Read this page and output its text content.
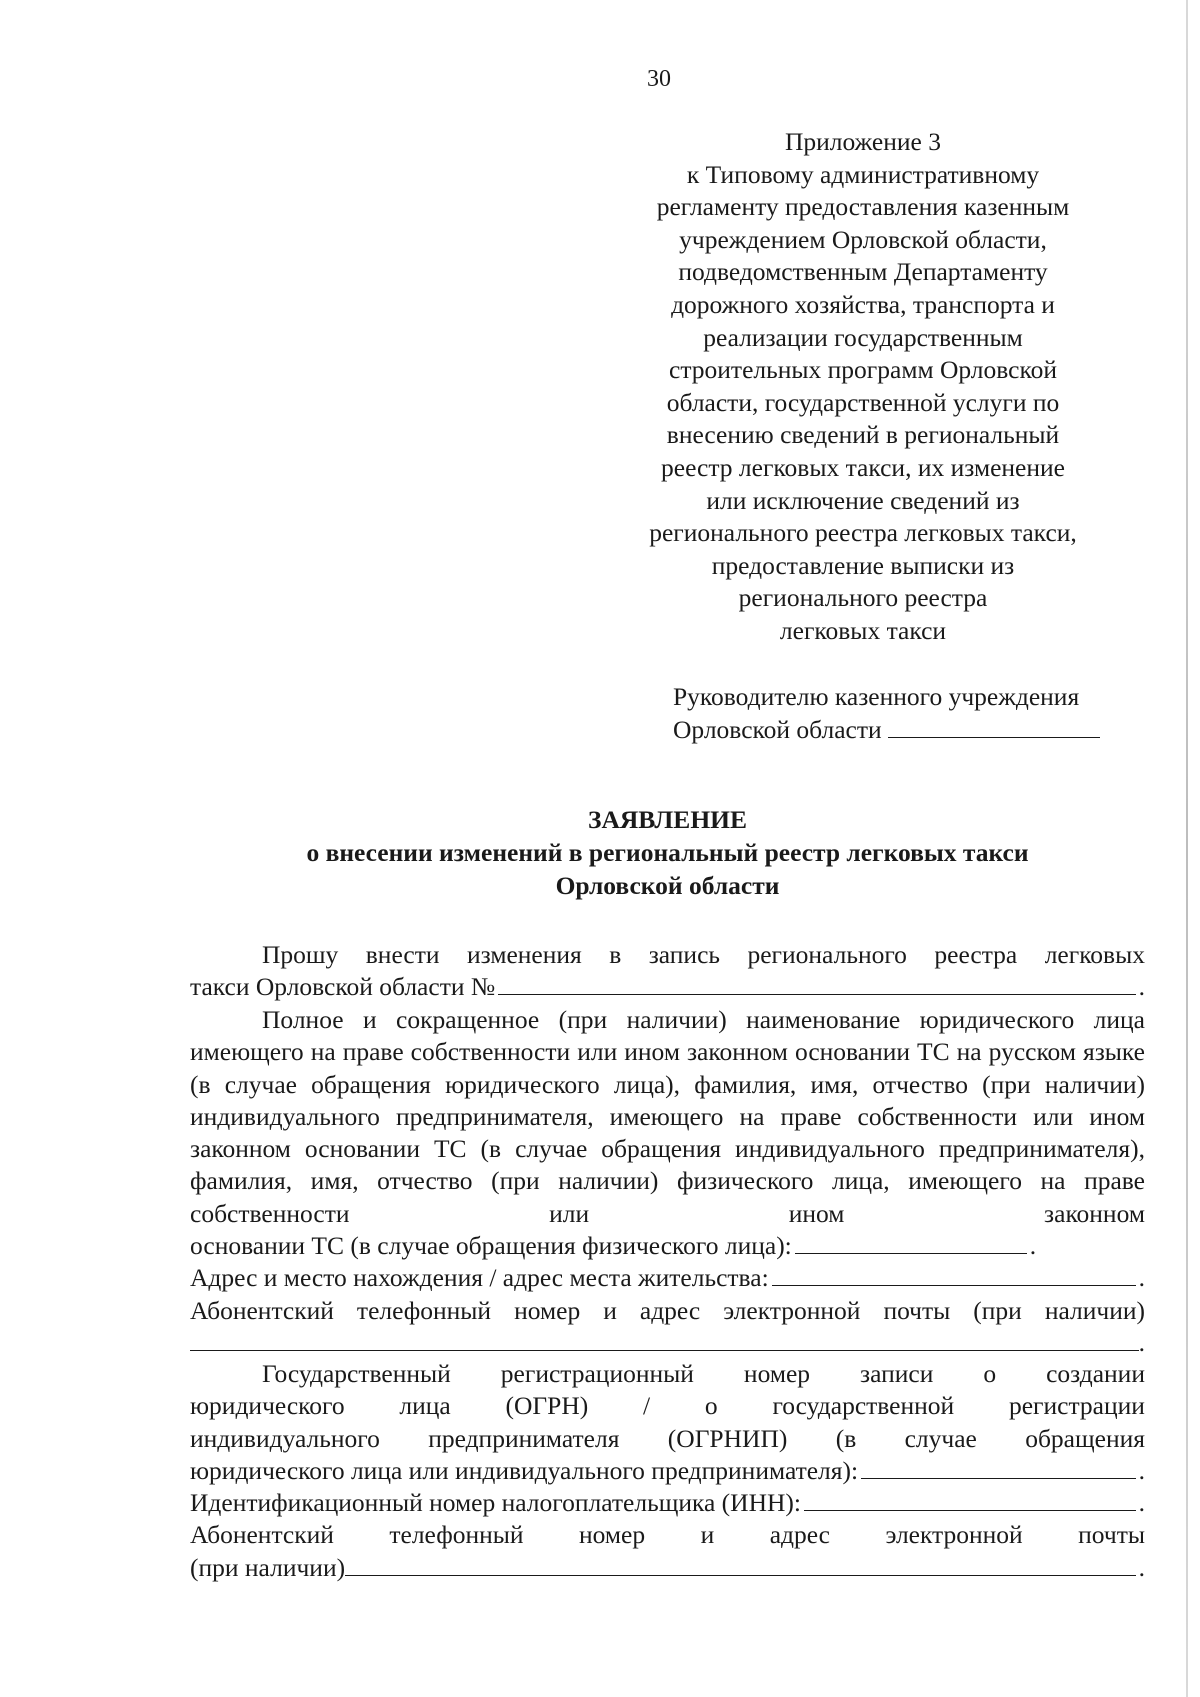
30
Приложение 3
к Типовому административному
регламенту предоставления казенным
учреждением Орловской области,
подведомственным Департаменту
дорожного хозяйства, транспорта и
реализации государственным
строительных программ Орловской
области, государственной услуги по
внесению сведений в региональный
реестр легковых такси, их изменение
или исключение сведений из
регионального реестра легковых такси,
предоставление выписки из
регионального реестра
легковых такси
Руководителю казенного учреждения
Орловской области
ЗАЯВЛЕНИЕ
о внесении изменений в региональный реестр легковых такси
Орловской области
Прошу внести изменения в запись регионального реестра легковых
такси Орловской области №	.

Полное и сокращенное (при наличии) наименование юридического лица имеющего на праве собственности или ином законном основании ТС на русском языке (в случае обращения юридического лица), фамилия, имя, отчество (при наличии) индивидуального предпринимателя, имеющего на праве собственности или ином законном основании ТС (в случае обращения индивидуального предпринимателя), фамилия, имя, отчество (при наличии) физического лица, имеющего на праве собственности или ином законном

основании ТС (в случае обращения физического лица):	.
Адрес и место нахождения / адрес места жительства:	.
Абонентский телефонный номер и адрес электронной почты (при наличии)
.
Государственный регистрационный номер записи о создании
юридического лица (ОГРН) / о государственной регистрации
индивидуального предпринимателя (ОГРНИП) (в случае обращения
юридического лица или индивидуального предпринимателя):	.
Идентификационный номер налогоплательщика (ИНН):	.
Абонентский телефонный номер и адрес электронной почты
(при наличии)	.
